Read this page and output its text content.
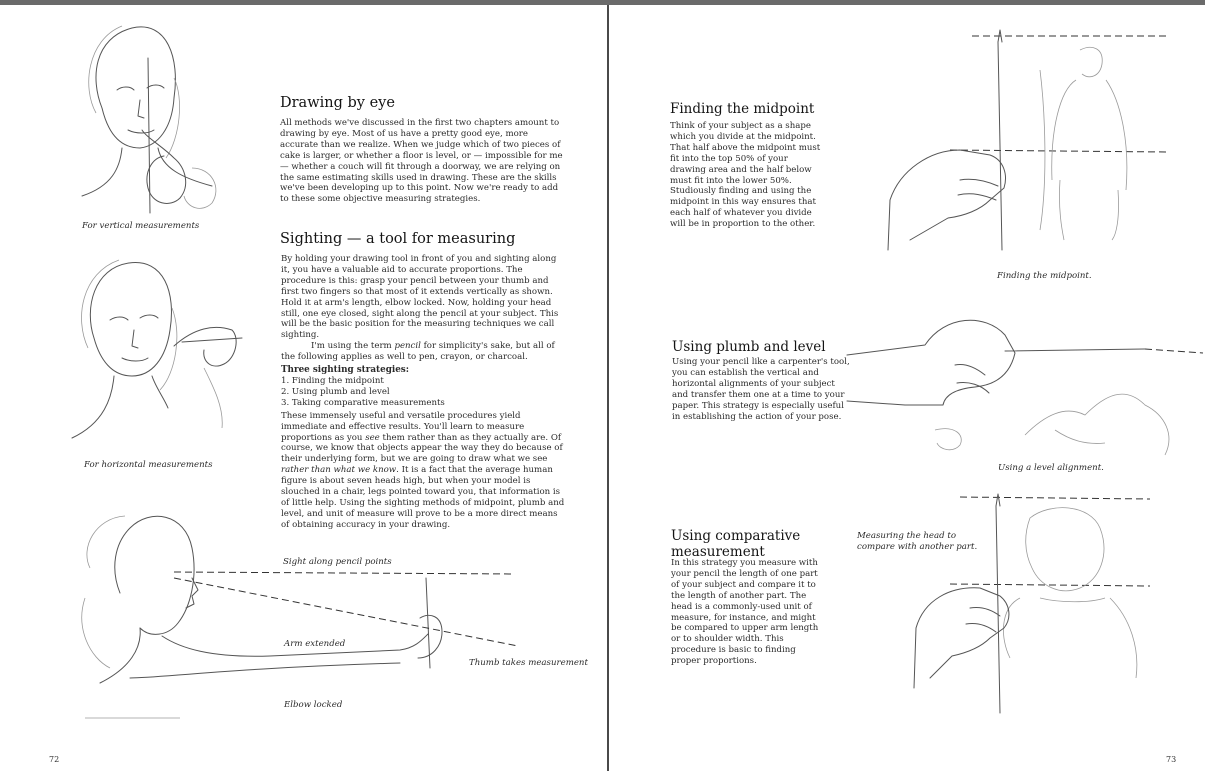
For vertical measurements
For horizontal measurements
Sight along pencil points
Arm extended
Thumb takes measurement
Elbow locked
Drawing by eye

All methods we've discussed in the first two chapters amount to drawing by eye. Most of us have a pretty good eye, more accurate than we realize. When we judge which of two pieces of cake is larger, or whether a floor is level, or — impossible for me — whether a couch will fit through a doorway, we are relying on the same estimating skills used in drawing. These are the skills we've been developing up to this point. Now we're ready to add to these some objective measuring strategies.

Sighting — a tool for measuring

By holding your drawing tool in front of you and sighting along it, you have a valuable aid to accurate proportions. The procedure is this: grasp your pencil between your thumb and first two fingers so that most of it extends vertically as shown. Hold it at arm's length, elbow locked. Now, holding your head still, one eye closed, sight along the pencil at your subject. This will be the basic position for the measuring techniques we call sighting.

I'm using the term pencil for simplicity's sake, but all of the following applies as well to pen, crayon, or charcoal.

Three sighting strategies:

1. Finding the midpoint
2. Using plumb and level
3. Taking comparative measurements

These immensely useful and versatile procedures yield immediate and effective results. You'll learn to measure proportions as you see them rather than as they actually are. Of course, we know that objects appear the way they do because of their underlying form, but we are going to draw what we see rather than what we know. It is a fact that the average human figure is about seven heads high, but when your model is slouched in a chair, legs pointed toward you, that information is of little help. Using the sighting methods of midpoint, plumb and level, and unit of measure will prove to be a more direct means of obtaining accuracy in your drawing.

72
Finding the midpoint
Think of your subject as a shape which you divide at the midpoint. That half above the midpoint must fit into the top 50% of your drawing area and the half below must fit into the lower 50%. Studiously finding and using the midpoint in this way ensures that each half of whatever you divide will be in proportion to the other.
Finding the midpoint.
Using plumb and level
Using your pencil like a carpenter's tool, you can establish the vertical and horizontal alignments of your subject and transfer them one at a time to your paper. This strategy is especially useful in establishing the action of your pose.
Using a level alignment.
Using comparative measurement
In this strategy you measure with your pencil the length of one part of your subject and compare it to the length of another part. The head is a commonly-used unit of measure, for instance, and might be compared to upper arm length or to shoulder width. This procedure is basic to finding proper proportions.
Measuring the head to compare with another part.
73
